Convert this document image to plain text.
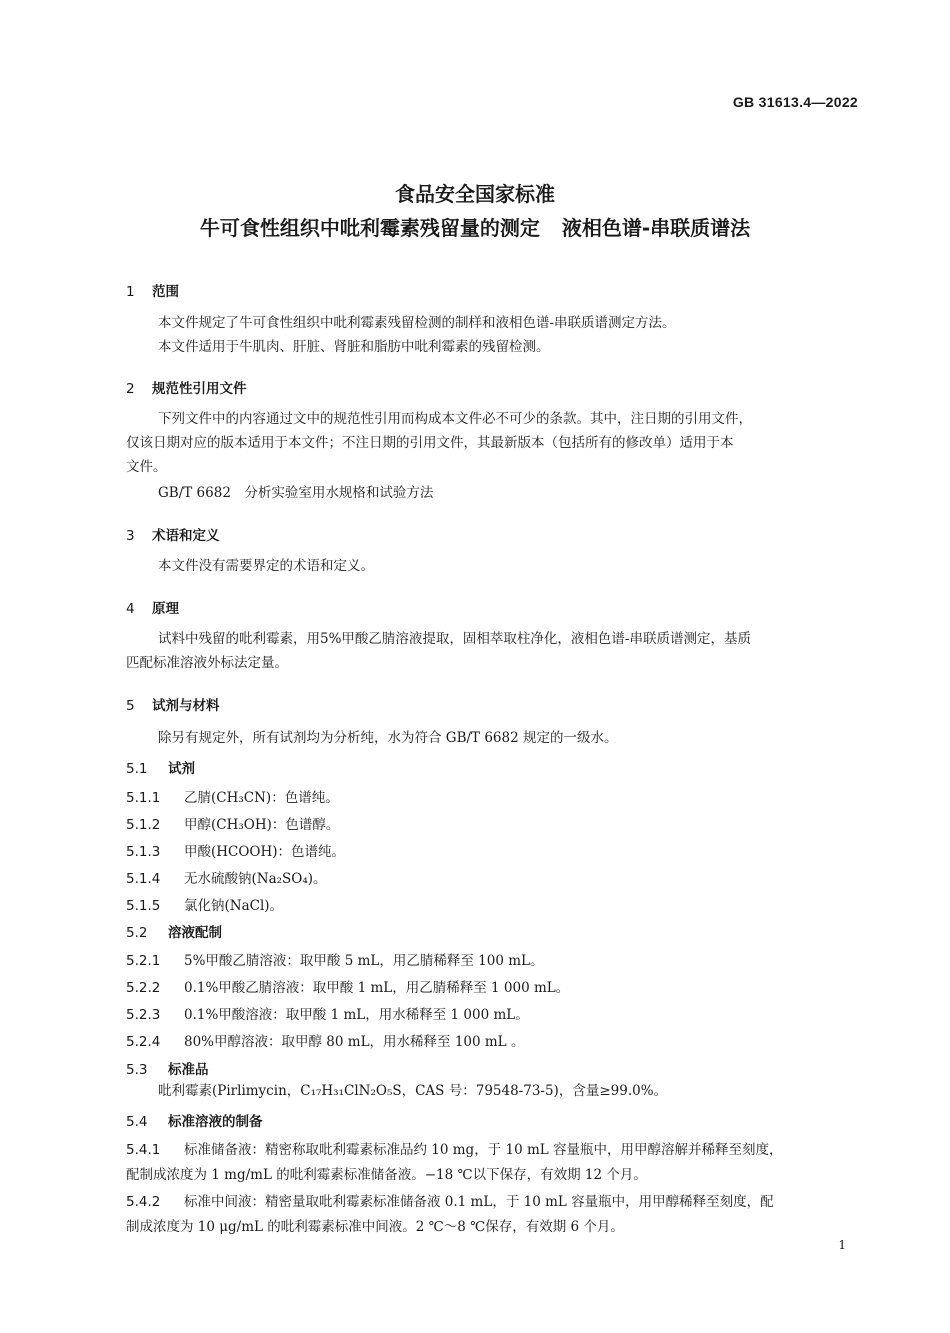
GB 31613.4—2022
食品安全国家标准
牛可食性组织中吡利霉素残留量的测定 液相色谱-串联质谱法
1 范围
本文件规定了牛可食性组织中吡利霉素残留检测的制样和液相色谱-串联质谱测定方法。
本文件适用于牛肌肉、肝脏、肾脏和脂肪中吡利霉素的残留检测。
2 规范性引用文件
下列文件中的内容通过文中的规范性引用而构成本文件必不可少的条款。其中，注日期的引用文件，
仅该日期对应的版本适用于本文件；不注日期的引用文件，其最新版本（包括所有的修改单）适用于本
文件。
GB/T 6682　分析实验室用水规格和试验方法
3 术语和定义
本文件没有需要界定的术语和定义。
4 原理
试料中残留的吡利霉素，用5%甲酸乙腈溶液提取，固相萃取柱净化，液相色谱-串联质谱测定，基质
匹配标准溶液外标法定量。
5 试剂与材料
除另有规定外，所有试剂均为分析纯，水为符合 GB/T 6682 规定的一级水。
5.1 试剂
5.1.1 乙腈(CH₃CN)：色谱纯。
5.1.2 甲醇(CH₃OH)：色谱醇。
5.1.3 甲酸(HCOOH)：色谱纯。
5.1.4 无水硫酸钠(Na₂SO₄)。
5.1.5 氯化钠(NaCl)。
5.2 溶液配制
5.2.1 5%甲酸乙腈溶液：取甲酸 5 mL，用乙腈稀释至 100 mL。
5.2.2 0.1%甲酸乙腈溶液：取甲酸 1 mL，用乙腈稀释至 1 000 mL。
5.2.3 0.1%甲酸溶液：取甲酸 1 mL，用水稀释至 1 000 mL。
5.2.4 80%甲醇溶液：取甲醇 80 mL，用水稀释至 100 mL 。
5.3 标准品
吡利霉素(Pirlimycin，C₁₇H₃₁ClN₂O₅S，CAS 号：79548-73-5)，含量≥99.0%。
5.4 标准溶液的制备
5.4.1 标准储备液：精密称取吡利霉素标准品约 10 mg，于 10 mL 容量瓶中，用甲醇溶解并稀释至刻度，
配制成浓度为 1 mg/mL 的吡利霉素标准储备液。−18 ℃以下保存，有效期 12 个月。
5.4.2 标准中间液：精密量取吡利霉素标准储备液 0.1 mL，于 10 mL 容量瓶中，用甲醇稀释至刻度，配
制成浓度为 10 μg/mL 的吡利霉素标准中间液。2 ℃～8 ℃保存，有效期 6 个月。
1
